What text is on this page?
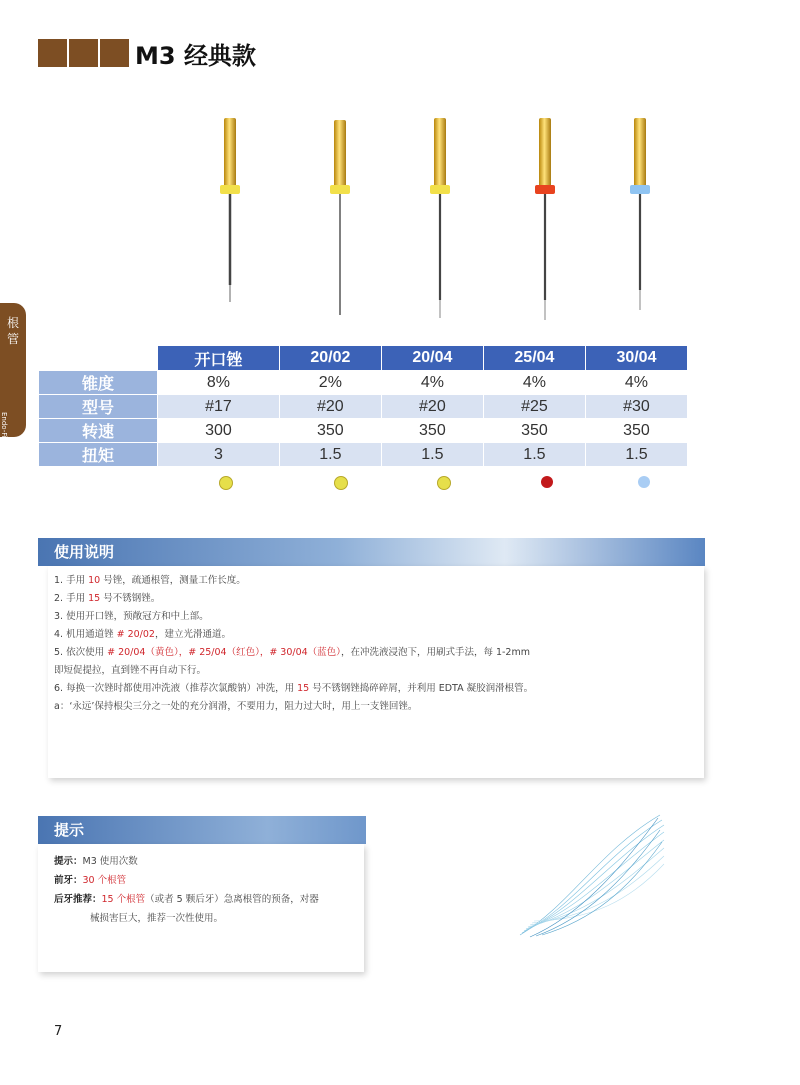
M3 经典款
根管
Endo-File
	开口锉	20/02	20/04	25/04	30/04
锥度	8%	2%	4%	4%	4%
型号	#17	#20	#20	#25	#30
转速	300	350	350	350	350
扭矩	3	1.5	1.5	1.5	1.5
使用说明

1. 手用 10 号锉，疏通根管，测量工作长度。

2. 手用 15 号不锈钢锉。

3. 使用开口锉，预敞冠方和中上部。

4. 机用通道锉 # 20/02，建立光滑通道。

5. 依次使用 # 20/04（黄色），# 25/04（红色），# 30/04（蓝色），在冲洗液浸泡下，用刷式手法，每 1-2mm

即短促提拉，直到锉不再自动下行。

6. 每换一次锉时都使用冲洗液（推荐次氯酸钠）冲洗，用 15 号不锈钢锉捣碎碎屑，并利用 EDTA 凝胶润滑根管。

a：‘永远’保持根尖三分之一处的充分润滑，不要用力，阻力过大时，用上一支锉回锉。

提示

提示：M3 使用次数

前牙：30 个根管

后牙推荐：15 个根管（或者 5 颗后牙）急离根管的预备，对器

械损害巨大，推荐一次性使用。

7
